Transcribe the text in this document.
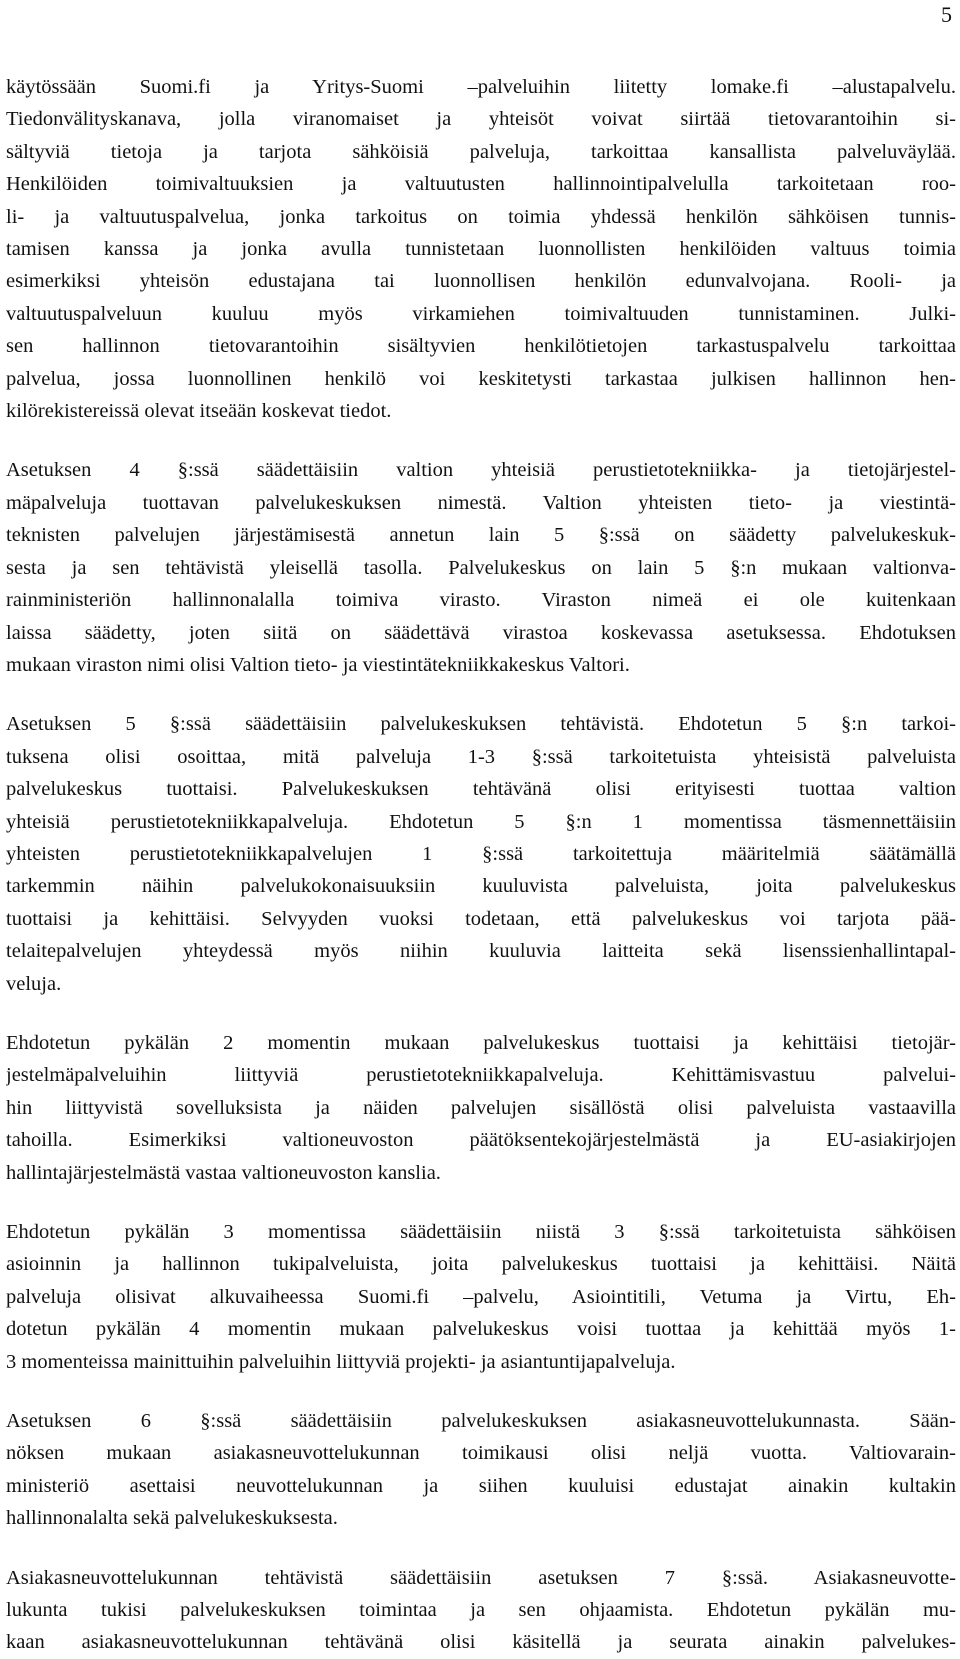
5

käytössään Suomi.fi ja Yritys-Suomi –palveluihin liitetty lomake.fi –alustapalvelu.
Tiedonvälityskanava, jolla viranomaiset ja yhteisöt voivat siirtää tietovarantoihin si-
sältyviä tietoja ja tarjota sähköisiä palveluja, tarkoittaa kansallista palveluväylää.
Henkilöiden toimivaltuuksien ja valtuutusten hallinnointipalvelulla tarkoitetaan roo-
li- ja valtuutuspalvelua, jonka tarkoitus on toimia yhdessä henkilön sähköisen tunnis-
tamisen kanssa ja jonka avulla tunnistetaan luonnollisten henkilöiden valtuus toimia
esimerkiksi yhteisön edustajana tai luonnollisen henkilön edunvalvojana. Rooli- ja
valtuutuspalveluun kuuluu myös virkamiehen toimivaltuuden tunnistaminen. Julki-
sen hallinnon tietovarantoihin sisältyvien henkilötietojen tarkastuspalvelu tarkoittaa
palvelua, jossa luonnollinen henkilö voi keskitetysti tarkastaa julkisen hallinnon hen-
kilörekistereissä olevat itseään koskevat tiedot.

Asetuksen 4 §:ssä säädettäisiin valtion yhteisiä perustietotekniikka- ja tietojärjestel-
mäpalveluja tuottavan palvelukeskuksen nimestä. Valtion yhteisten tieto- ja viestintä-
teknisten palvelujen järjestämisestä annetun lain 5 §:ssä on säädetty palvelukeskuk-
sesta ja sen tehtävistä yleisellä tasolla. Palvelukeskus on lain 5 §:n mukaan valtionva-
rainministeriön hallinnonalalla toimiva virasto. Viraston nimeä ei ole kuitenkaan
laissa säädetty, joten siitä on säädettävä virastoa koskevassa asetuksessa. Ehdotuksen
mukaan viraston nimi olisi Valtion tieto- ja viestintätekniikkakeskus Valtori.

Asetuksen 5 §:ssä säädettäisiin palvelukeskuksen tehtävistä. Ehdotetun 5 §:n tarkoi-
tuksena olisi osoittaa, mitä palveluja 1-3 §:ssä tarkoitetuista yhteisistä palveluista
palvelukeskus tuottaisi. Palvelukeskuksen tehtävänä olisi erityisesti tuottaa valtion
yhteisiä perustietotekniikkapalveluja. Ehdotetun 5 §:n 1 momentissa täsmennettäisiin
yhteisten perustietotekniikkapalvelujen 1 §:ssä tarkoitettuja määritelmiä säätämällä
tarkemmin näihin palvelukokonaisuuksiin kuuluvista palveluista, joita palvelukeskus
tuottaisi ja kehittäisi. Selvyyden vuoksi todetaan, että palvelukeskus voi tarjota pää-
telaitepalvelujen yhteydessä myös niihin kuuluvia laitteita sekä lisenssienhallintapal-
veluja.

Ehdotetun pykälän 2 momentin mukaan palvelukeskus tuottaisi ja kehittäisi tietojär-
jestelmäpalveluihin liittyviä perustietotekniikkapalveluja. Kehittämisvastuu palvelui-
hin liittyvistä sovelluksista ja näiden palvelujen sisällöstä olisi palveluista vastaavilla
tahoilla. Esimerkiksi valtioneuvoston päätöksentekojärjestelmästä ja EU-asiakirjojen
hallintajärjestelmästä vastaa valtioneuvoston kanslia.

Ehdotetun pykälän 3 momentissa säädettäisiin niistä 3 §:ssä tarkoitetuista sähköisen
asioinnin ja hallinnon tukipalveluista, joita palvelukeskus tuottaisi ja kehittäisi. Näitä
palveluja olisivat alkuvaiheessa Suomi.fi –palvelu, Asiointitili, Vetuma ja Virtu, Eh-
dotetun pykälän 4 momentin mukaan palvelukeskus voisi tuottaa ja kehittää myös 1-
3 momenteissa mainittuihin palveluihin liittyviä projekti- ja asiantuntijapalveluja.

Asetuksen 6 §:ssä säädettäisiin palvelukeskuksen asiakasneuvottelukunnasta. Sään-
nöksen mukaan asiakasneuvottelukunnan toimikausi olisi neljä vuotta. Valtiovarain-
ministeriö asettaisi neuvottelukunnan ja siihen kuuluisi edustajat ainakin kultakin
hallinnonalalta sekä palvelukeskuksesta.

Asiakasneuvottelukunnan tehtävistä säädettäisiin asetuksen 7 §:ssä. Asiakasneuvotte-
lukunta tukisi palvelukeskuksen toimintaa ja sen ohjaamista. Ehdotetun pykälän mu-
kaan asiakasneuvottelukunnan tehtävänä olisi käsitellä ja seurata ainakin palvelukes-
